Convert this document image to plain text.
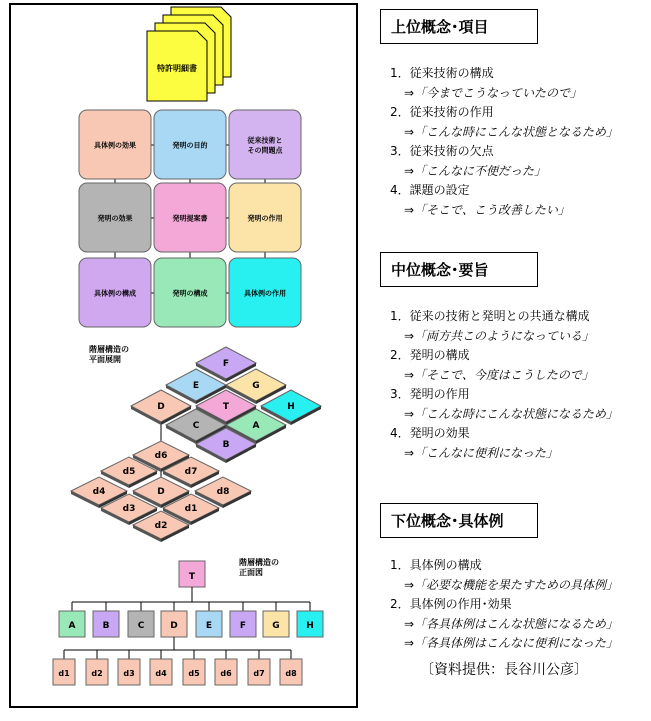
特許明細書
具体例の効果	発明の目的
従来技術と
その問題点
発明の効果	発明提案書	発明の作用
具体例の構成	発明の構成	具体例の作用
階層構造の
平面展開	F
E	G
D	T	H
C	A
B
d6
d5	d7
d4	D	d8
d3	d1
d2
階層構造の
正面図
T
A	B	C	D	E	F	G	H
d1	d2	d3	d4	d5	d6	d7	d8
上位概念･項目
1．従来技術の構成
⇒「今までこうなっていたので」
2．従来技術の作用
⇒「こんな時にこんな状態となるため」
3．従来技術の欠点
⇒「こんなに不便だった」
4．課題の設定
⇒「そこで、こう改善したい」
中位概念･要旨
1．従来の技術と発明との共通な構成
⇒「両方共このようになっている」
2．発明の構成
⇒「そこで、今度はこうしたので」
3．発明の作用
⇒「こんな時にこんな状態になるため」
4．発明の効果
⇒「こんなに便利になった」
下位概念･具体例
1．具体例の構成
⇒「必要な機能を果たすための具体例」
2．具体例の作用･効果
⇒「各具体例はこんな状態になるため」
⇒「各具体例はこんなに便利になった」
〔資料提供：長谷川公彦〕
